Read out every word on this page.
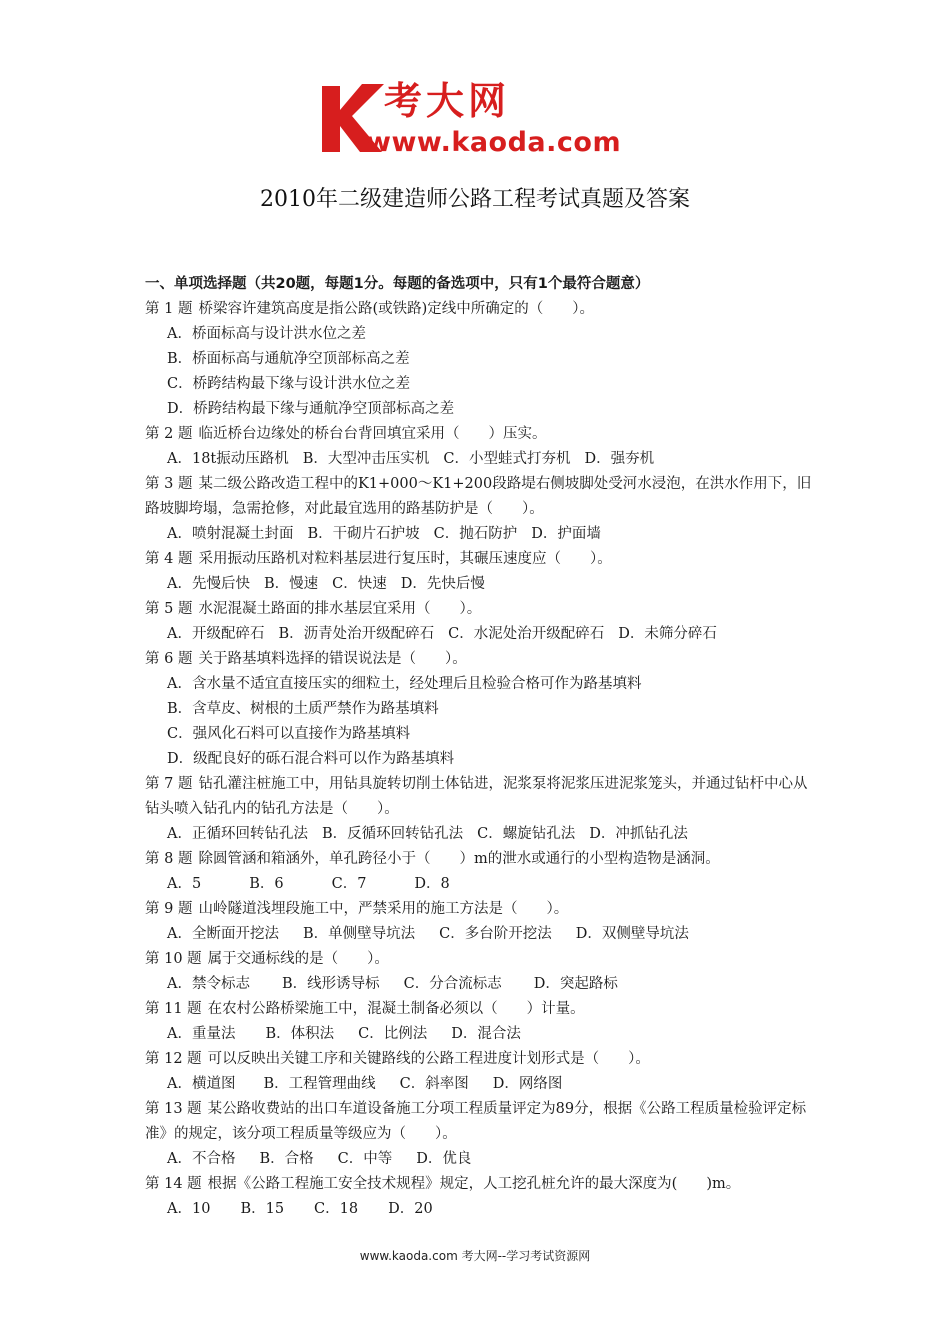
考大网
www.kaoda.com
2010年二级建造师公路工程考试真题及答案
一、单项选择题（共20题，每题1分。每题的备选项中，只有1个最符合题意）
第 1 题 桥梁容许建筑高度是指公路(或铁路)定线中所确定的（　　）。
A．桥面标高与设计洪水位之差
B．桥面标高与通航净空顶部标高之差
C．桥跨结构最下缘与设计洪水位之差
D．桥跨结构最下缘与通航净空顶部标高之差
第 2 题 临近桥台边缘处的桥台台背回填宜采用（　　）压实。
A．18t振动压路机 B．大型冲击压实机 C．小型蛙式打夯机 D．强夯机
第 3 题 某二级公路改造工程中的K1+000～K1+200段路堤右侧坡脚处受河水浸泡，在洪水作用下，旧路坡脚垮塌，急需抢修，对此最宜选用的路基防护是（　　）。
A．喷射混凝土封面 B．干砌片石护坡 C．抛石防护 D．护面墙
第 4 题 采用振动压路机对粒料基层进行复压时，其碾压速度应（　　）。
A．先慢后快 B．慢速 C．快速 D．先快后慢
第 5 题 水泥混凝土路面的排水基层宜采用（　　）。
A．开级配碎石 B．沥青处治开级配碎石 C．水泥处治开级配碎石 D．未筛分碎石
第 6 题 关于路基填料选择的错误说法是（　　）。
A．含水量不适宜直接压实的细粒土，经处理后且检验合格可作为路基填料
B．含草皮、树根的土质严禁作为路基填料
C．强风化石料可以直接作为路基填料
D．级配良好的砾石混合料可以作为路基填料
第 7 题 钻孔灌注桩施工中，用钻具旋转切削土体钻进，泥浆泵将泥浆压进泥浆笼头，并通过钻杆中心从钻头喷入钻孔内的钻孔方法是（　　）。
A．正循环回转钻孔法 B．反循环回转钻孔法 C．螺旋钻孔法 D．冲抓钻孔法
第 8 题 除圆管涵和箱涵外，单孔跨径小于（　　）m的泄水或通行的小型构造物是涵洞。
A．5	B．6	C．7	D．8
第 9 题 山岭隧道浅埋段施工中，严禁采用的施工方法是（　　）。
A．全断面开挖法 B．单侧壁导坑法 C．多台阶开挖法 D．双侧壁导坑法
第 10 题 属于交通标线的是（　　）。
A．禁令标志 B．线形诱导标 C．分合流标志 D．突起路标
第 11 题 在农村公路桥梁施工中，混凝土制备必须以（　　）计量。
A．重量法 B．体积法 C．比例法 D．混合法
第 12 题 可以反映出关键工序和关键路线的公路工程进度计划形式是（　　）。
A．横道图 B．工程管理曲线 C．斜率图 D．网络图
第 13 题 某公路收费站的出口车道设备施工分项工程质量评定为89分，根据《公路工程质量检验评定标准》的规定，该分项工程质量等级应为（　　）。
A．不合格 B．合格 C．中等 D．优良
第 14 题 根据《公路工程施工安全技术规程》规定，人工挖孔桩允许的最大深度为(　　)m。
A．10 B．15 C．18 D．20
www.kaoda.com 考大网--学习考试资源网
